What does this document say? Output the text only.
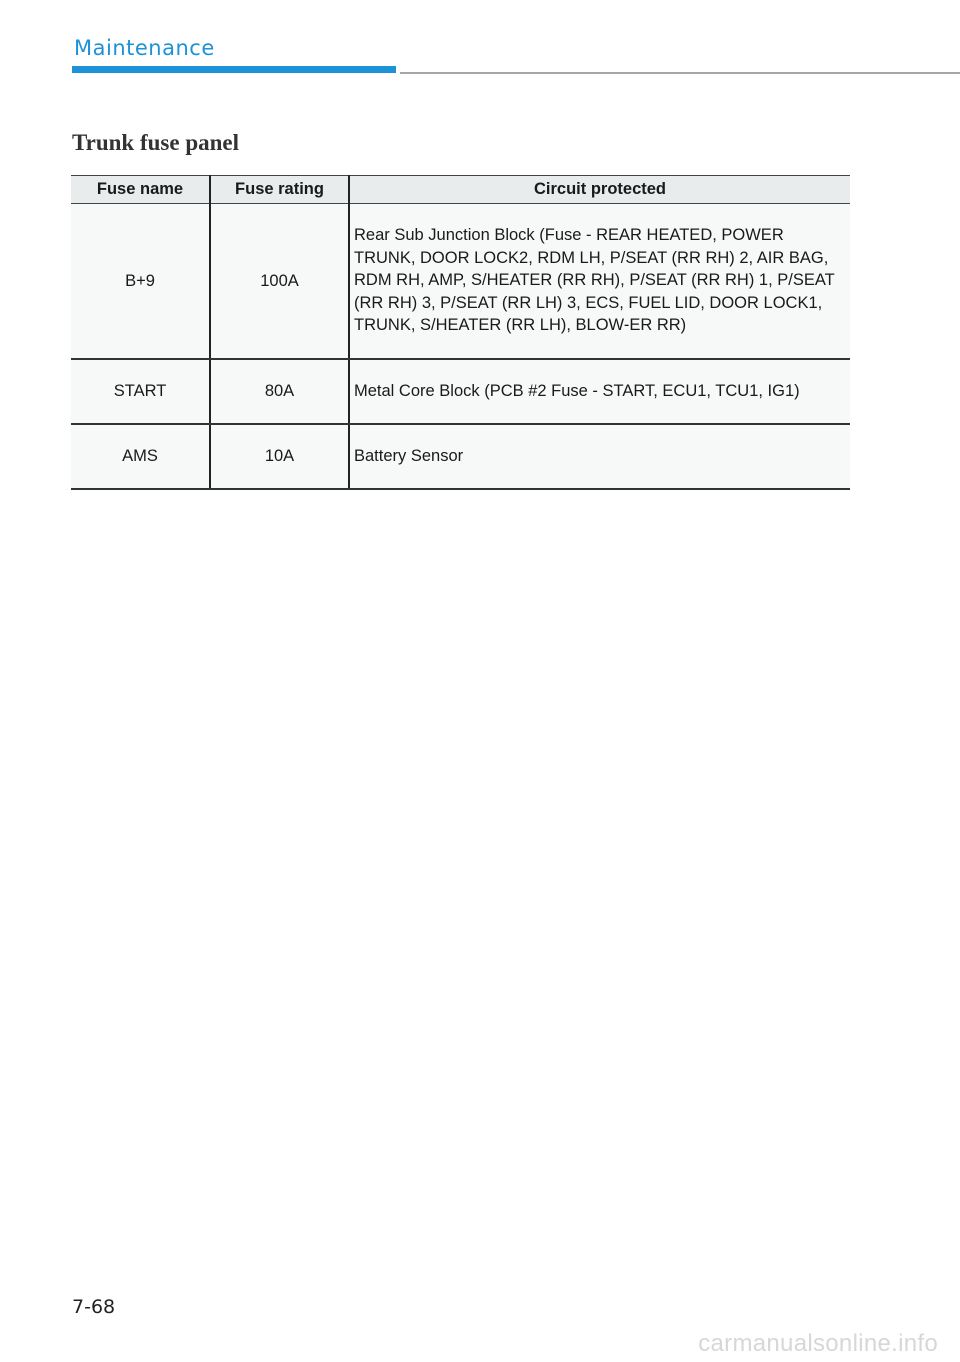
Maintenance
Trunk fuse panel
Fuse name	Fuse rating	Circuit protected
B+9	100A	Rear Sub Junction Block (Fuse - REAR HEATED, POWER TRUNK, DOOR LOCK2, RDM LH, P/SEAT (RR RH) 2, AIR BAG, RDM RH, AMP, S/HEATER (RR RH), P/SEAT (RR RH) 1, P/SEAT (RR RH) 3, P/SEAT (RR LH) 3, ECS, FUEL LID, DOOR LOCK1, TRUNK, S/HEATER (RR LH), BLOW-ER RR)
START	80A	Metal Core Block (PCB #2 Fuse - START, ECU1, TCU1, IG1)
AMS	10A	Battery Sensor
7-68
carmanualsonline.info
